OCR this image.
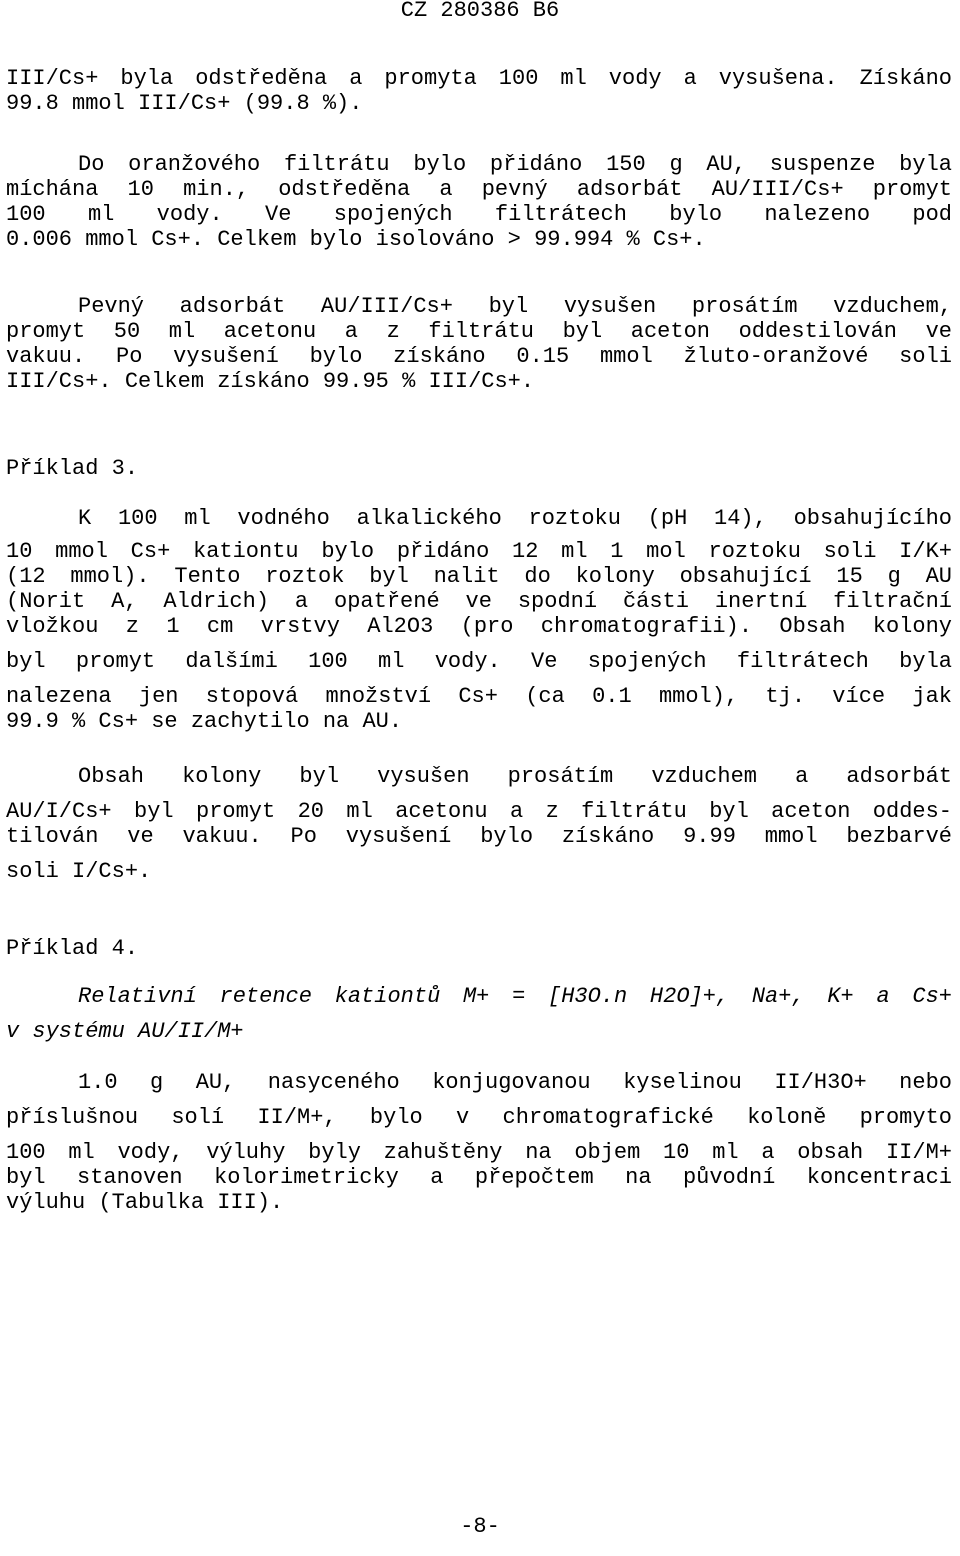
CZ 280386 B6
III/Cs+ byla odstředěna a promyta 100 ml vody a vysušena. Získáno
99.8 mmol III/Cs+ (99.8 %).
Do oranžového filtrátu bylo přidáno 150 g AU, suspenze byla
míchána 10 min., odstředěna a pevný adsorbát AU/III/Cs+ promyt
100 ml vody. Ve spojených filtrátech bylo nalezeno pod
0.006 mmol Cs+. Celkem bylo isolováno > 99.994 % Cs+.
Pevný adsorbát AU/III/Cs+ byl vysušen prosátím vzduchem,
promyt 50 ml acetonu a z filtrátu byl aceton oddestilován ve
vakuu. Po vysušení bylo získáno 0.15 mmol žluto-oranžové soli
III/Cs+. Celkem získáno 99.95 % III/Cs+.
Příklad 3.
K 100 ml vodného alkalického roztoku (pH 14), obsahujícího
10 mmol Cs+ kationtu bylo přidáno 12 ml 1 mol roztoku soli I/K+
(12 mmol). Tento roztok byl nalit do kolony obsahující 15 g AU
(Norit A, Aldrich) a opatřené ve spodní části inertní filtrační
vložkou z 1 cm vrstvy Al2O3 (pro chromatografii). Obsah kolony
byl promyt dalšími 100 ml vody. Ve spojených filtrátech byla
nalezena jen stopová množství Cs+ (ca 0.1 mmol), tj. více jak
99.9 % Cs+ se zachytilo na AU.
Obsah kolony byl vysušen prosátím vzduchem a adsorbát
AU/I/Cs+ byl promyt 20 ml acetonu a z filtrátu byl aceton oddes-
tilován ve vakuu. Po vysušení bylo získáno 9.99 mmol bezbarvé
soli I/Cs+.
Příklad 4.
Relativní retence kationtů M+ = [H3O.n H2O]+, Na+, K+ a Cs+
v systému AU/II/M+
1.0 g AU, nasyceného konjugovanou kyselinou II/H3O+ nebo
příslušnou solí II/M+, bylo v chromatografické koloně promyto
100 ml vody, výluhy byly zahuštěny na objem 10 ml a obsah II/M+
byl stanoven kolorimetricky a přepočtem na původní koncentraci
výluhu (Tabulka III).
-8-
